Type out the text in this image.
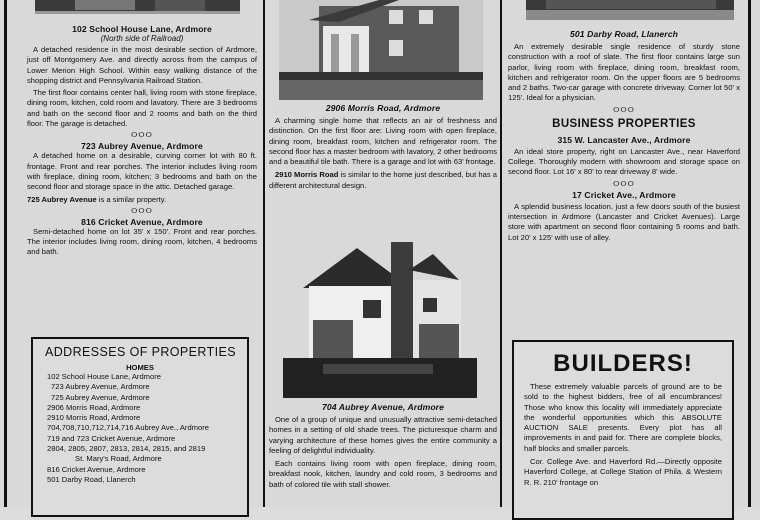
102 School House Lane, Ardmore

(North side of Railroad)

A detached residence in the most desirable section of Ardmore, just off Montgomery Ave. and directly across from the campus of Lower Merion High School. Within easy walking distance of the shopping district and Pennsylvania Railroad Station.

The first floor contains center hall, living room with stone fireplace, dining room, kitchen, cold room and lavatory. There are 3 bedrooms and bath on the second floor and 2 rooms and bath on the third floor. The garage is detached.

ⵔⵔⵔ

723 Aubrey Avenue, Ardmore

A detached home on a desirable, curving corner lot with 80 ft. frontage. Front and rear porches. The interior includes living room with fireplace, dining room, kitchen; 3 bedrooms and bath on the second floor and storage space in the attic. Detached garage.

725 Aubrey Avenue is a similar property.

ⵔⵔⵔ

816 Cricket Avenue, Ardmore

Semi-detached home on lot 35' x 150'. Front and rear porches. The interior includes living room, dining room, kitchen, 4 bedrooms and bath.

ADDRESSES OF PROPERTIES

HOMES

102 School House Lane, Ardmore

723 Aubrey Avenue, Ardmore

725 Aubrey Avenue, Ardmore

2906 Morris Road, Ardmore

2910 Morris Road, Ardmore

704,708,710,712,714,716 Aubrey Ave., Ardmore

719 and 723 Cricket Avenue, Ardmore

2804, 2805, 2807, 2813, 2814, 2815, and 2819

St. Mary's Road, Ardmore

816 Cricket Avenue, Ardmore

501 Darby Road, Llanerch

2906 Morris Road, Ardmore

A charming single home that reflects an air of freshness and distinction. On the first floor are: Living room with open fireplace, dining room, breakfast room, kitchen and refrigerator room. The second floor has a master bedroom with lavatory, 2 other bedrooms and a beautiful tile bath. There is a garage and lot with 63' frontage.

2910 Morris Road is similar to the home just described, but has a different architectural design.

704 Aubrey Avenue, Ardmore

One of a group of unique and unusually attractive semi-detached homes in a setting of old shade trees. The picturesque charm and varying architecture of these homes gives the entire community a feeling of delightful individuality.

Each contains living room with open fireplace, dining room, breakfast nook, kitchen, laundry and cold room, 3 bedrooms and bath of colored tile with stall shower.

501 Darby Road, Llanerch

An extremely desirable single residence of sturdy stone construction with a roof of slate. The first floor contains large sun parlor, living room with fireplace, dining room, breakfast room, kitchen and refrigerator room. On the upper floors are 5 bedrooms and 2 baths. Two-car garage with concrete driveway. Corner lot 50' x 125'. Ideal for a physician.

ⵔⵔⵔ

BUSINESS PROPERTIES

315 W. Lancaster Ave., Ardmore

An ideal store property, right on Lancaster Ave., near Haverford College. Thoroughly modern with showroom and storage space on second floor. Lot 16' x 80' to rear driveway 8' wide.

ⵔⵔⵔ

17 Cricket Ave., Ardmore

A splendid business location, just a few doors south of the busiest intersection in Ardmore (Lancaster and Cricket Avenues). Large store with apartment on second floor containing 5 rooms and bath. Lot 20' x 125' with use of alley.

BUILDERS!

These extremely valuable parcels of ground are to be sold to the highest bidders, free of all encumbrances! Those who know this locality will immediately appreciate the wonderful opportunities which this ABSOLUTE AUCTION SALE presents. Every plot has all improvements in and paid for. There are complete blocks, half blocks and smaller parcels.

Cor. College Ave. and Haverford Rd.—Directly opposite Haverford College, at College Station of Phila. & Western R. R. 210' frontage on
